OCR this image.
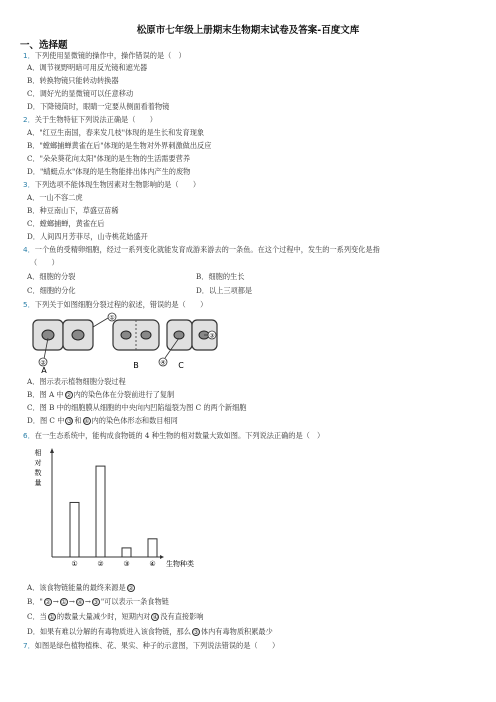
松原市七年级上册期末生物期末试卷及答案-百度文库
一、选择题
1．下列使用显微镜的操作中，操作错误的是（　）
A．调节视野明暗可用反光镜和遮光器
B．转换物镜只能转动转换器
C．调好光的显微镜可以任意移动
D．下降镜筒时，眼睛一定要从侧面看着物镜
2．关于生物特征下列说法正确是（　　）
A．"红豆生南国，春来发几枝"体现的是生长和发育现象
B．"螳螂捕蝉黄雀在后"体现的是生物对外界刺激做出反应
C．"朵朵葵花向太阳"体现的是生物的生活需要营养
D．"蜻蜓点水"体现的是生物能排出体内产生的废物
3．下列选项不能体现生物因素对生物影响的是（　　）
A．一山不容二虎
B．种豆南山下，草盛豆苗稀
C．螳螂捕蝉，黄雀在后
D．人间四月芳菲尽，山寺桃花始盛开
4．一个鱼的受精卵细胞，经过一系列变化就能发育成游来游去的一条鱼。在这个过程中，发生的一系列变化是指
（　　）
A．细胞的分裂	B．细胞的生长
C．细胞的分化	D．以上三项都是
5．下列关于如图细胞分裂过程的叙述，错误的是（　　）
①
②
③
④
A
B	C
A．图示表示植物细胞分裂过程
B．图 A 中 ② 内的染色体在分裂前进行了复制
C．图 B 中的细胞膜从细胞的中央向内凹陷缢裂为图 C 的两个新细胞
D．图 C 中 ③ 和 ④ 内的染色体形态和数目相同
6．在一生态系统中，能构成食物链的 4 种生物的相对数量大致如图。下列说法正确的是（　）
相
对
数
量
生物种类
①	②	③	④
A．该食物链能量的最终来源是 ②
B．" ② → ① → ④ → ③ "可以表示一条食物链
C．当 ① 的数量大量减少时，短期内对 ④ 没有直接影响
D．如果有难以分解的有毒物质进入该食物链，那么 ③ 体内有毒物质积累最少
7．如图是绿色植物植株、花、果实、种子的示意图，下列说法错误的是（　　）
